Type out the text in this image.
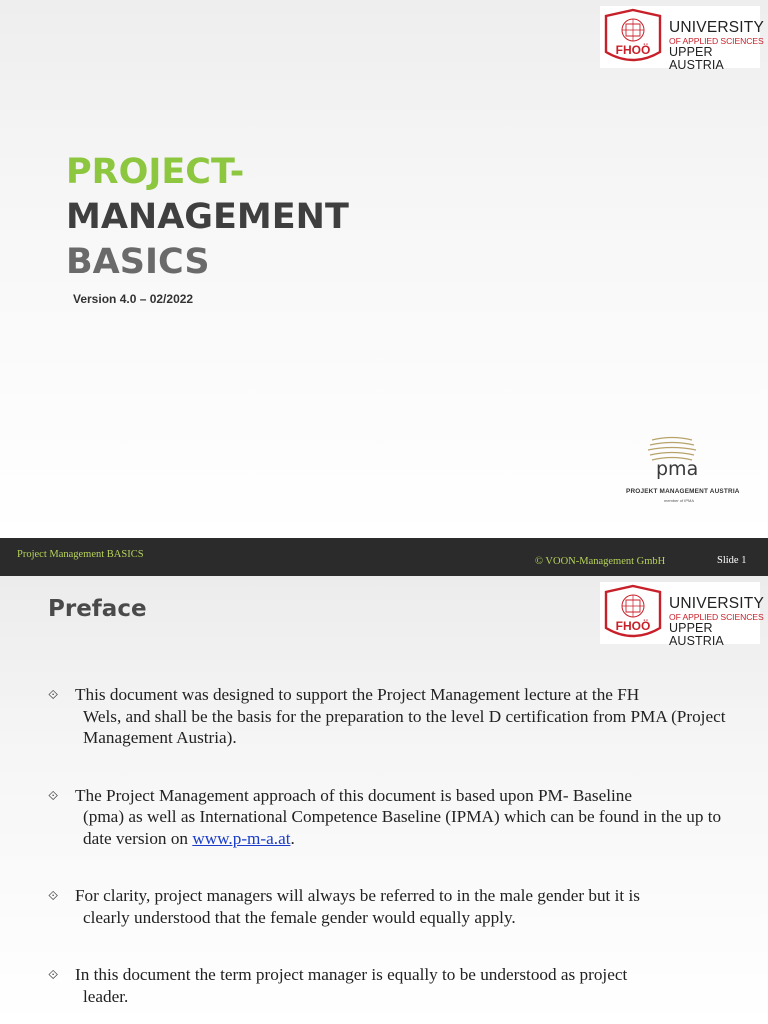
FHOÖ
UNIVERSITY
OF APPLIED SCIENCES
UPPER AUSTRIA
PROJECT-
MANAGEMENT
BASICS
Version 4.0 – 02/2022
pma
PROJEKT MANAGEMENT AUSTRIA
member of IPMA
Project Management BASICS
© VOON-Management GmbH	Slide 1
Preface
FHOÖ
UNIVERSITY
OF APPLIED SCIENCES
UPPER AUSTRIA
⟐ This document was designed to support the Project Management lecture at the FH
Wels, and shall be the basis for the preparation to the level D certification from PMA (Project Management Austria).
⟐ The Project Management approach of this document is based upon PM- Baseline
(pma) as well as International Competence Baseline (IPMA) which can be found in the up to date version on www.p-m-a.at.
⟐ For clarity, project managers will always be referred to in the male gender but it is
clearly understood that the female gender would equally apply.
⟐ In this document the term project manager is equally to be understood as project
leader.
